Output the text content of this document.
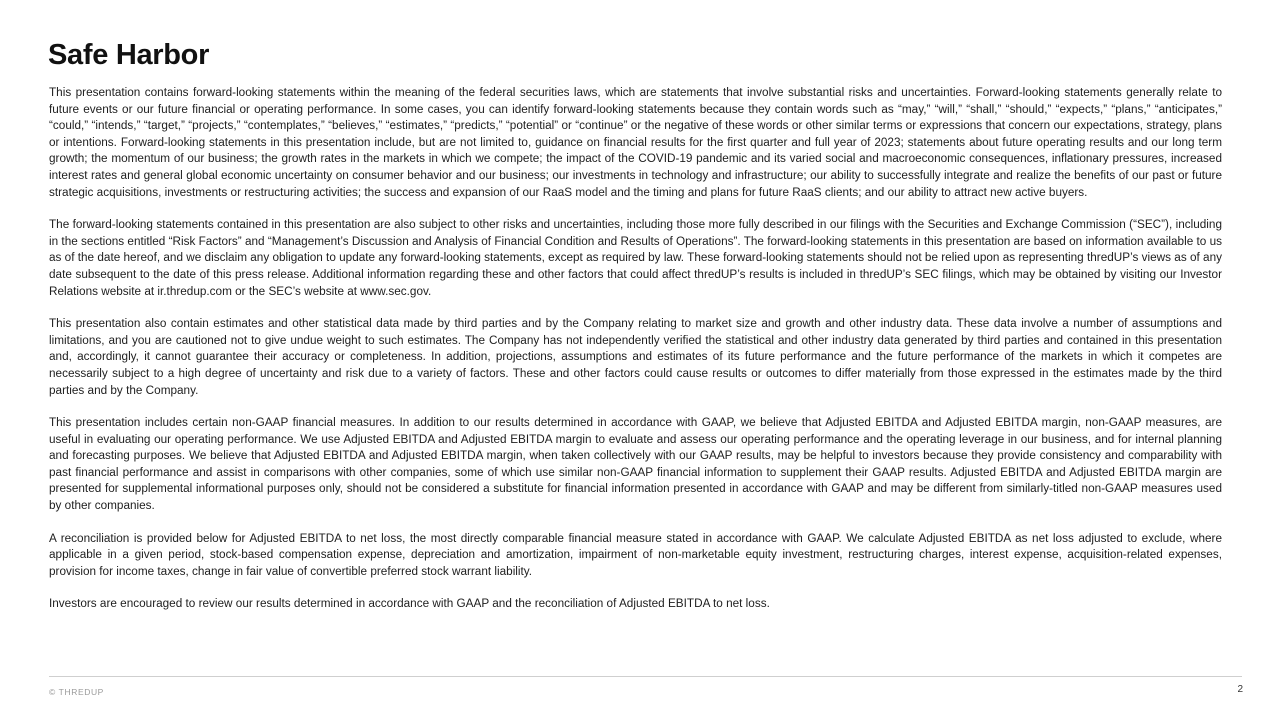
Safe Harbor

This presentation contains forward-looking statements within the meaning of the federal securities laws, which are statements that involve substantial risks and uncertainties. Forward-looking statements generally relate to future events or our future financial or operating performance. In some cases, you can identify forward-looking statements because they contain words such as “may,” “will,” “shall,” “should,” “expects,” “plans,” “anticipates,” “could,” “intends,” “target,” “projects,” “contemplates,” “believes,” “estimates,” “predicts,” “potential” or “continue” or the negative of these words or other similar terms or expressions that concern our expectations, strategy, plans or intentions. Forward-looking statements in this presentation include, but are not limited to, guidance on financial results for the first quarter and full year of 2023; statements about future operating results and our long term growth; the momentum of our business; the growth rates in the markets in which we compete; the impact of the COVID-19 pandemic and its varied social and macroeconomic consequences, inflationary pressures, increased interest rates and general global economic uncertainty on consumer behavior and our business; our investments in technology and infrastructure; our ability to successfully integrate and realize the benefits of our past or future strategic acquisitions, investments or restructuring activities; the success and expansion of our RaaS model and the timing and plans for future RaaS clients; and our ability to attract new active buyers.

The forward-looking statements contained in this presentation are also subject to other risks and uncertainties, including those more fully described in our filings with the Securities and Exchange Commission (“SEC”), including in the sections entitled “Risk Factors” and “Management’s Discussion and Analysis of Financial Condition and Results of Operations”. The forward-looking statements in this presentation are based on information available to us as of the date hereof, and we disclaim any obligation to update any forward-looking statements, except as required by law. These forward-looking statements should not be relied upon as representing thredUP’s views as of any date subsequent to the date of this press release. Additional information regarding these and other factors that could affect thredUP’s results is included in thredUP’s SEC filings, which may be obtained by visiting our Investor Relations website at ir.thredup.com or the SEC’s website at www.sec.gov.

This presentation also contain estimates and other statistical data made by third parties and by the Company relating to market size and growth and other industry data. These data involve a number of assumptions and limitations, and you are cautioned not to give undue weight to such estimates. The Company has not independently verified the statistical and other industry data generated by third parties and contained in this presentation and, accordingly, it cannot guarantee their accuracy or completeness. In addition, projections, assumptions and estimates of its future performance and the future performance of the markets in which it competes are necessarily subject to a high degree of uncertainty and risk due to a variety of factors. These and other factors could cause results or outcomes to differ materially from those expressed in the estimates made by the third parties and by the Company.

This presentation includes certain non-GAAP financial measures. In addition to our results determined in accordance with GAAP, we believe that Adjusted EBITDA and Adjusted EBITDA margin, non-GAAP measures, are useful in evaluating our operating performance. We use Adjusted EBITDA and Adjusted EBITDA margin to evaluate and assess our operating performance and the operating leverage in our business, and for internal planning and forecasting purposes. We believe that Adjusted EBITDA and Adjusted EBITDA margin, when taken collectively with our GAAP results, may be helpful to investors because they provide consistency and comparability with past financial performance and assist in comparisons with other companies, some of which use similar non-GAAP financial information to supplement their GAAP results. Adjusted EBITDA and Adjusted EBITDA margin are presented for supplemental informational purposes only, should not be considered a substitute for financial information presented in accordance with GAAP and may be different from similarly-titled non-GAAP measures used by other companies.

A reconciliation is provided below for Adjusted EBITDA to net loss, the most directly comparable financial measure stated in accordance with GAAP. We calculate Adjusted EBITDA as net loss adjusted to exclude, where applicable in a given period, stock-based compensation expense, depreciation and amortization, impairment of non-marketable equity investment, restructuring charges, interest expense, acquisition-related expenses, provision for income taxes, change in fair value of convertible preferred stock warrant liability.

Investors are encouraged to review our results determined in accordance with GAAP and the reconciliation of Adjusted EBITDA to net loss.

© THREDUP	2
